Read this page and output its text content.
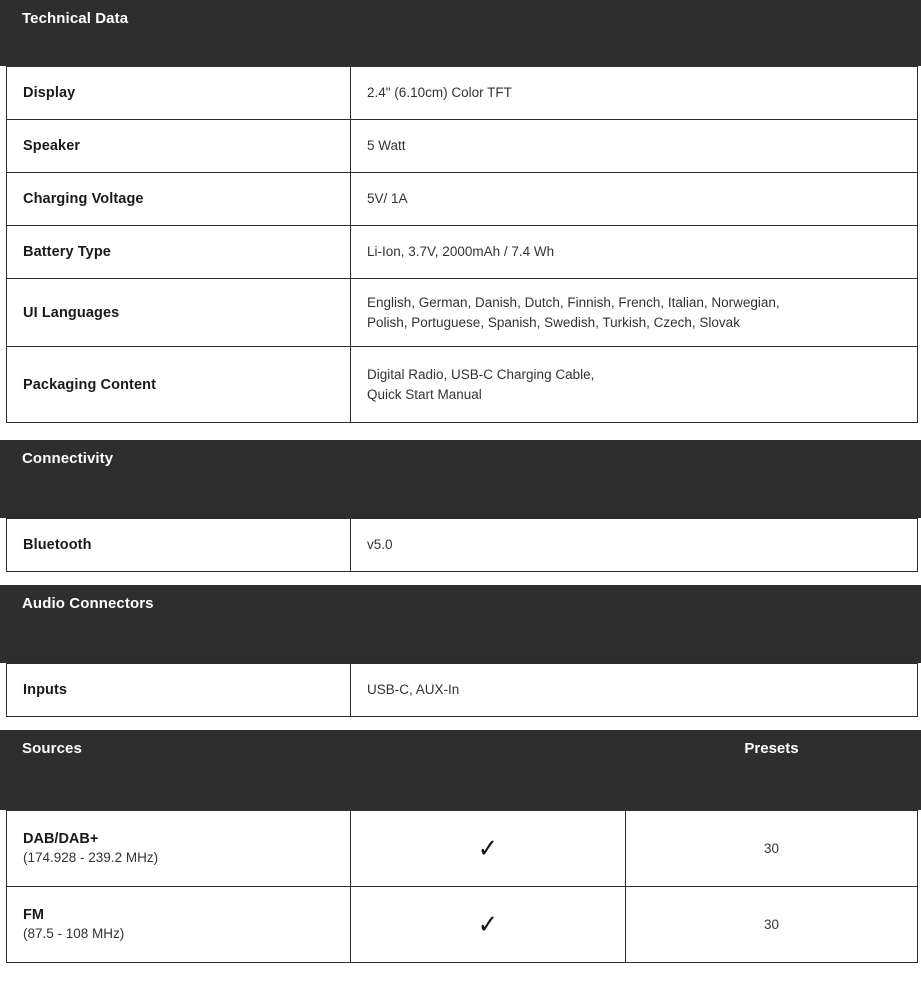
Technical Data
Display	2.4" (6.10cm) Color TFT

Speaker	5 Watt

Charging Voltage	5V/ 1A

Battery Type	Li-Ion, 3.7V, 2000mAh / 7.4 Wh

UI Languages	English, German, Danish, Dutch, Finnish, French, Italian, Norwegian,
Polish, Portuguese, Spanish, Swedish, Turkish, Czech, Slovak

Packaging Content	Digital Radio, USB-C Charging Cable,
Quick Start Manual
Connectivity
Bluetooth	v5.0
Audio Connectors
Inputs	USB-C, AUX-In
Sources	Presets
DAB/DAB+
(174.928 - 239.2 MHz)	✓	30

FM
(87.5 - 108 MHz)	✓	30
